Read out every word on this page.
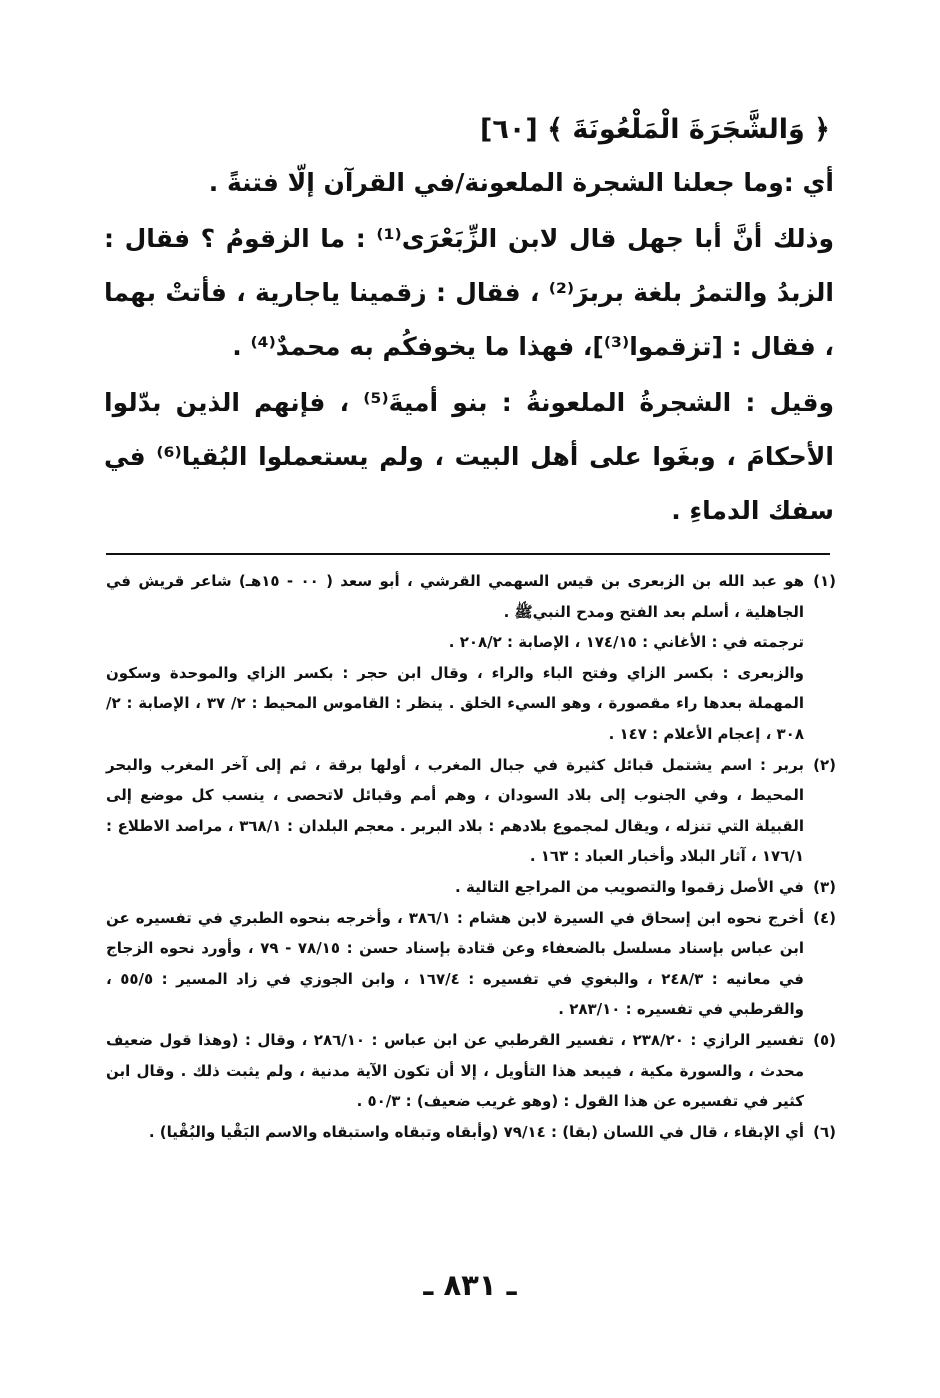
﴿ وَالشَّجَرَةَ الْمَلْعُونَةَ ﴾ [٦٠]

أي :وما جعلنا الشجرة الملعونة/في القرآن إلّا فتنةً .

وذلك أنَّ أبا جهل قال لابن الزِّبَعْرَى⁽¹⁾ : ما الزقومُ ؟ فقال : الزبدُ والتمرُ بلغة بربرَ⁽²⁾ ، فقال : زقمينا ياجارية ، فأتتْ بهما ، فقال : [تزقموا⁽³⁾]، فهذا ما يخوفكُم به محمدٌ⁽⁴⁾ .

وقيل : الشجرةُ الملعونةُ : بنو أميةَ⁽⁵⁾ ، فإنهم الذين بدّلوا الأحكامَ ، وبغَوا على أهل البيت ، ولم يستعملوا البُقيا⁽⁶⁾ في سفك الدماءِ .

(١)

هو عبد الله بن الزبعرى بن قيس السهمي القرشي ، أبو سعد ( ٠٠ - ١٥هـ) شاعر قريش في الجاهلية ، أسلم بعد الفتح ومدح النبيﷺ .

ترجمته في : الأغاني : ١٧٤/١٥ ، الإصابة : ٢٠٨/٢ .

والزبعرى : بكسر الزاي وفتح الباء والراء ، وقال ابن حجر : بكسر الزاي والموحدة وسكون المهملة بعدها راء مقصورة ، وهو السيء الخلق . ينظر : القاموس المحيط : ٢/ ٣٧ ، الإصابة : ٢/ ٣٠٨ ، إعجام الأعلام : ١٤٧ .

(٢)

بربر : اسم يشتمل قبائل كثيرة في جبال المغرب ، أولها برقة ، ثم إلى آخر المغرب والبحر المحيط ، وفي الجنوب إلى بلاد السودان ، وهم أمم وقبائل لاتحصى ، ينسب كل موضع إلى القبيلة التي تنزله ، ويقال لمجموع بلادهم : بلاد البربر . معجم البلدان : ٣٦٨/١ ، مراصد الاطلاع : ١٧٦/١ ، آثار البلاد وأخبار العباد : ١٦٣ .

(٣)

في الأصل زقموا والتصويب من المراجع التالية .

(٤)

أخرج نحوه ابن إسحاق في السيرة لابن هشام : ٣٨٦/١ ، وأخرجه بنحوه الطبري في تفسيره عن ابن عباس بإسناد مسلسل بالضعفاء وعن قتادة بإسناد حسن : ٧٨/١٥ - ٧٩ ، وأورد نحوه الزجاج في معانيه : ٢٤٨/٣ ، والبغوي في تفسيره : ١٦٧/٤ ، وابن الجوزي في زاد المسير : ٥٥/٥ ، والقرطبي في تفسيره : ٢٨٣/١٠ .

(٥)

تفسير الرازي : ٢٣٨/٢٠ ، تفسير القرطبي عن ابن عباس : ٢٨٦/١٠ ، وقال : (وهذا قول ضعيف محدث ، والسورة مكية ، فيبعد هذا التأويل ، إلا أن تكون الآية مدنية ، ولم يثبت ذلك . وقال ابن كثير في تفسيره عن هذا القول : (وهو غريب ضعيف) : ٥٠/٣ .

(٦)

أي الإبقاء ، قال في اللسان (بقا) : ٧٩/١٤ (وأبقاه وتبقاه واستبقاه والاسم البَقْيا والبُقْيا) .

ـ ٨٣١ ـ
